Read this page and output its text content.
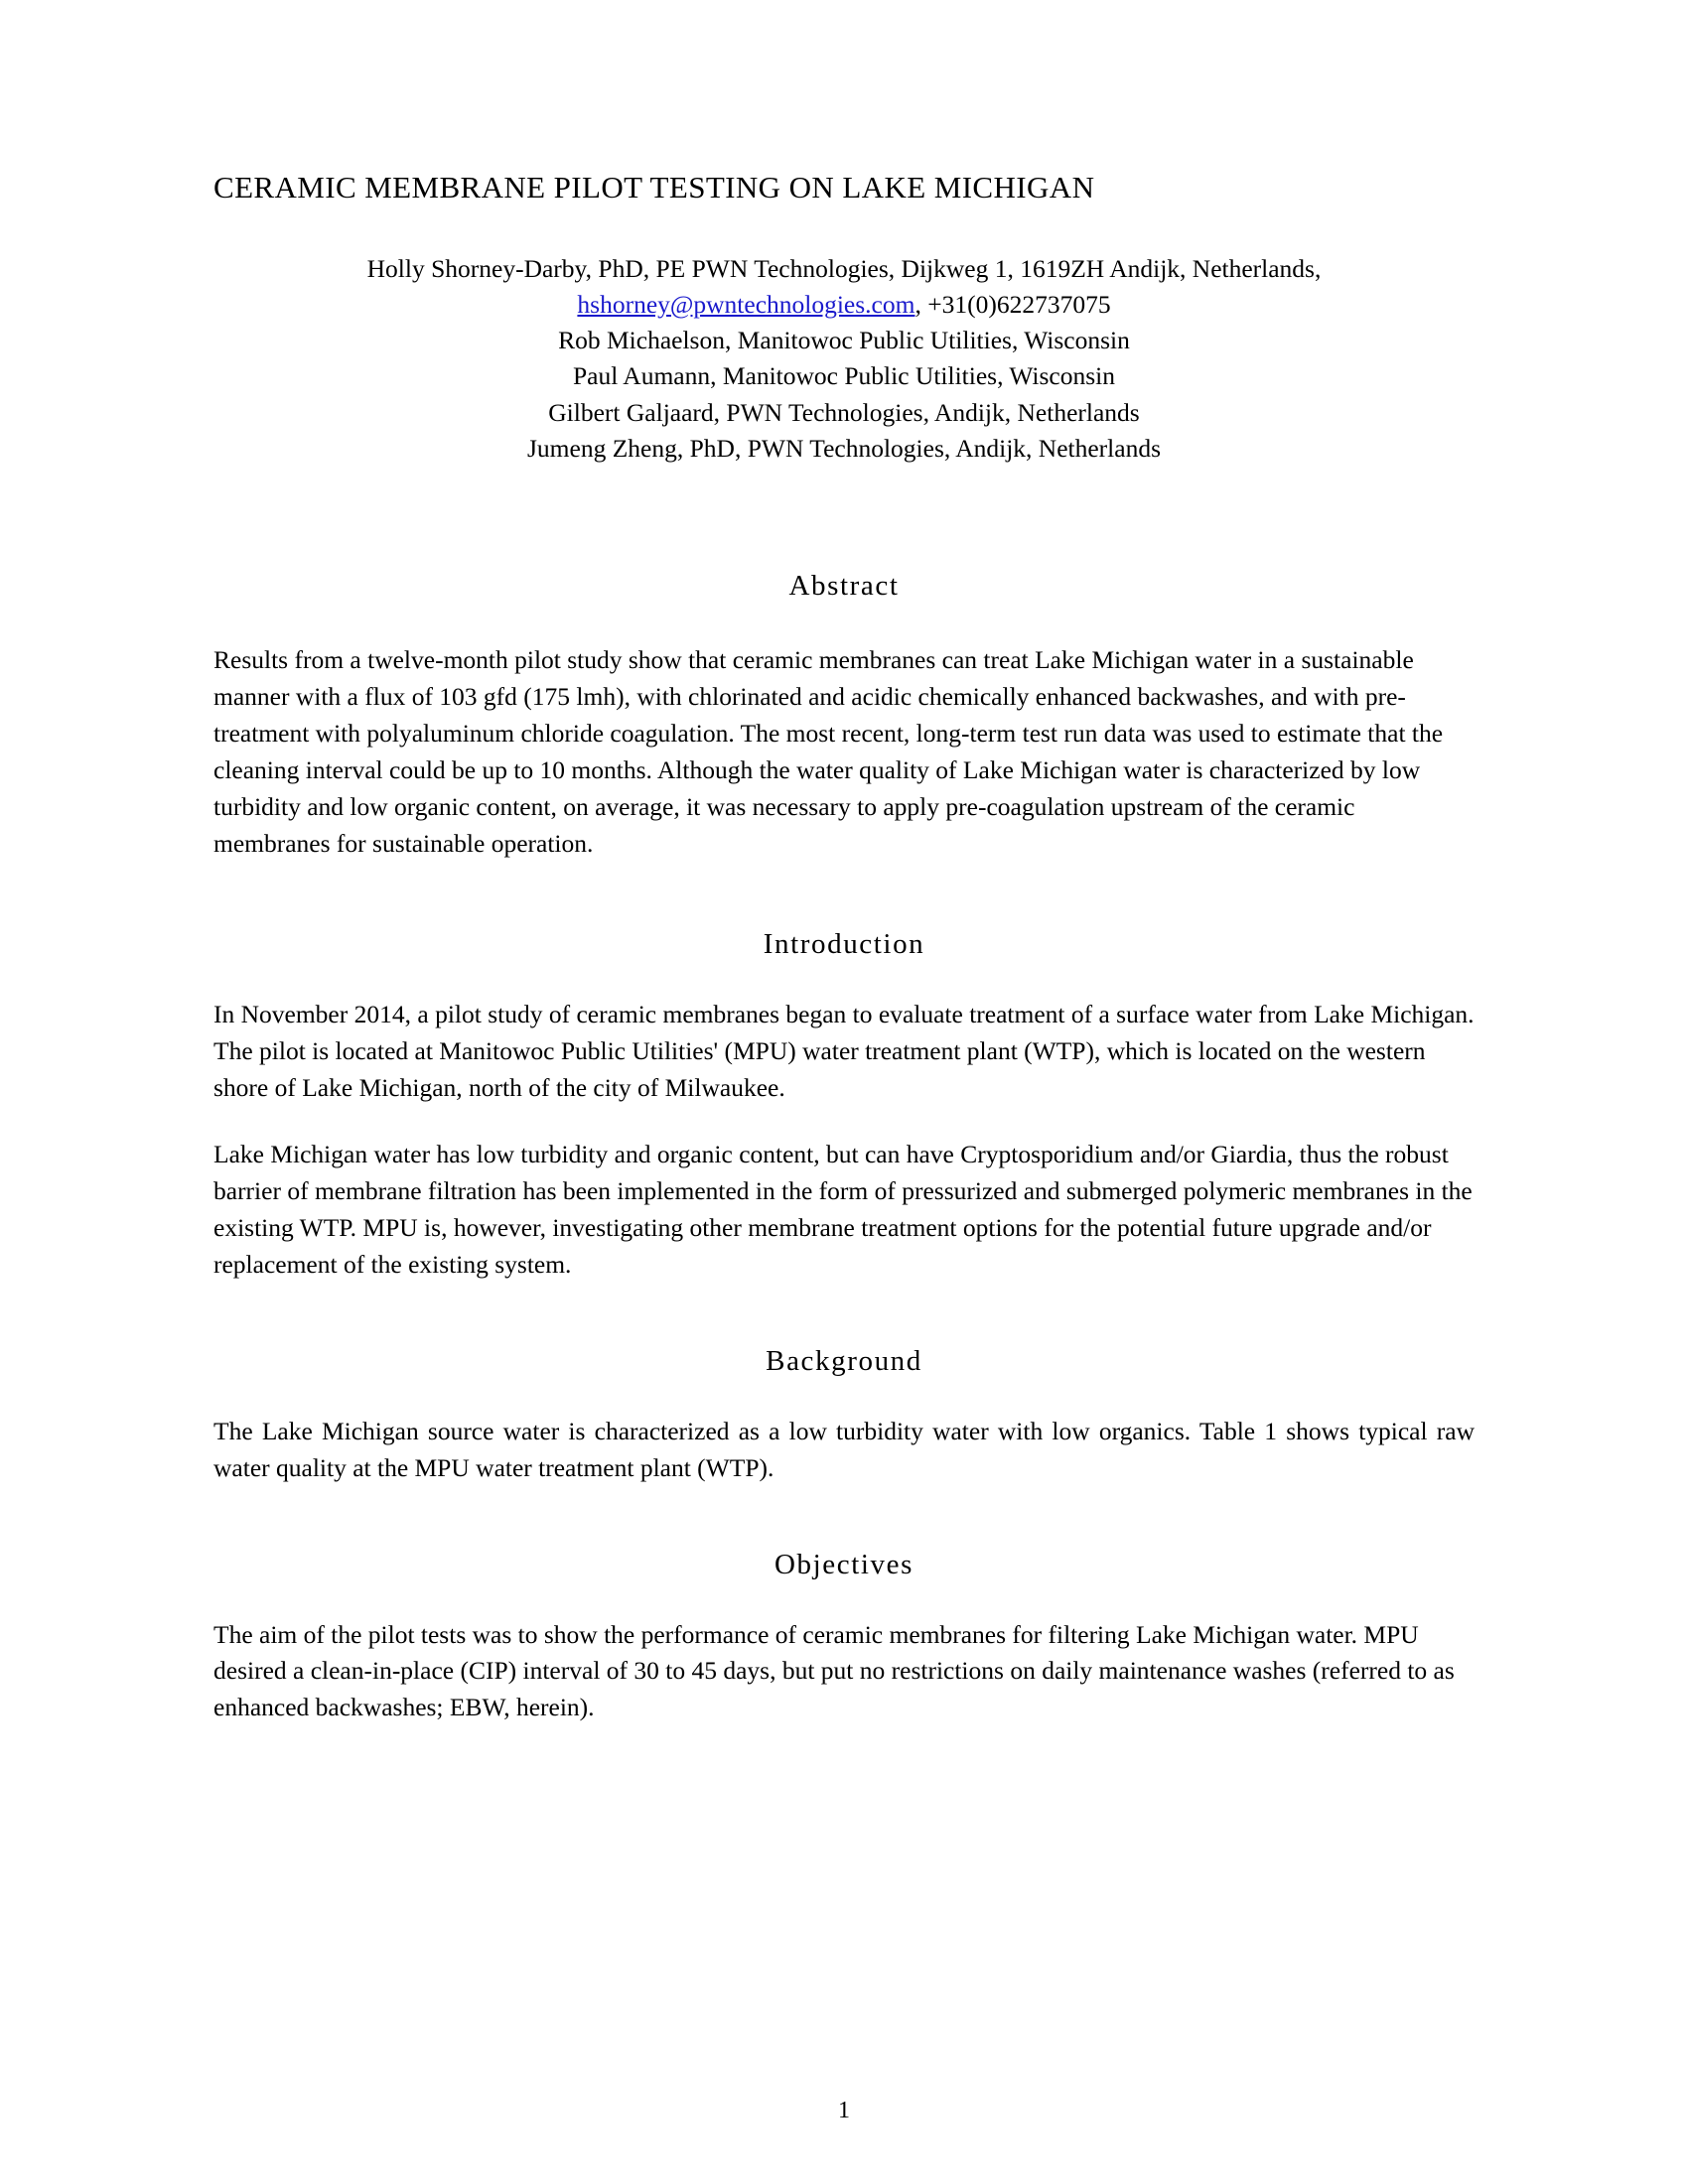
CERAMIC MEMBRANE PILOT TESTING ON LAKE MICHIGAN
Holly Shorney-Darby, PhD, PE PWN Technologies, Dijkweg 1, 1619ZH Andijk, Netherlands,
hshorney@pwntechnologies.com, +31(0)622737075
Rob Michaelson, Manitowoc Public Utilities, Wisconsin
Paul Aumann, Manitowoc Public Utilities, Wisconsin
Gilbert Galjaard, PWN Technologies, Andijk, Netherlands
Jumeng Zheng, PhD, PWN Technologies, Andijk, Netherlands
Abstract

Results from a twelve-month pilot study show that ceramic membranes can treat Lake Michigan water in a sustainable manner with a flux of 103 gfd (175 lmh), with chlorinated and acidic chemically enhanced backwashes, and with pre-treatment with polyaluminum chloride coagulation. The most recent, long-term test run data was used to estimate that the cleaning interval could be up to 10 months. Although the water quality of Lake Michigan water is characterized by low turbidity and low organic content, on average, it was necessary to apply pre-coagulation upstream of the ceramic membranes for sustainable operation.

Introduction

In November 2014, a pilot study of ceramic membranes began to evaluate treatment of a surface water from Lake Michigan. The pilot is located at Manitowoc Public Utilities' (MPU) water treatment plant (WTP), which is located on the western shore of Lake Michigan, north of the city of Milwaukee.

Lake Michigan water has low turbidity and organic content, but can have Cryptosporidium and/or Giardia, thus the robust barrier of membrane filtration has been implemented in the form of pressurized and submerged polymeric membranes in the existing WTP. MPU is, however, investigating other membrane treatment options for the potential future upgrade and/or replacement of the existing system.

Background

The Lake Michigan source water is characterized as a low turbidity water with low organics. Table 1 shows typical raw water quality at the MPU water treatment plant (WTP).

Objectives

The aim of the pilot tests was to show the performance of ceramic membranes for filtering Lake Michigan water. MPU desired a clean-in-place (CIP) interval of 30 to 45 days, but put no restrictions on daily maintenance washes (referred to as enhanced backwashes; EBW, herein).

1
